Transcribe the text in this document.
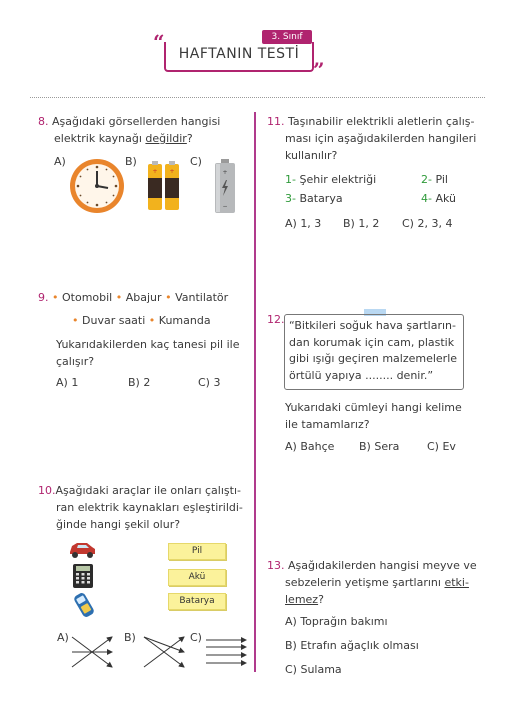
3. Sınıf
HAFTANIN TESTİ
“
”
8. Aşağıdaki görsellerden hangisi
elektrik kaynağı değildir?
A)	B)	C)
+ +	+
−
9. • Otomobil • Abajur • Vantilatör
• Duvar saati • Kumanda
Yukarıdakilerden kaç tanesi pil ile
çalışır?
A) 1	B) 2	C) 3
10.Aşağıdaki araçlar ile onları çalıştı-
ran elektrik kaynakları eşleştirildi-
ğinde hangi şekil olur?
Pil
Akü
Batarya
A)	B)	C)
11. Taşınabilir elektrikli aletlerin çalış-
ması için aşağıdakilerden hangileri
kullanılır?
1- Şehir elektriği	2- Pil
3- Batarya	4- Akü
A) 1, 3 B) 1, 2 C) 2, 3, 4
12. “Bitkileri soğuk hava şartların-
dan korumak için cam, plastik
gibi ışığı geçiren malzemelerle
örtülü yapıya ........ denir.”
Yukarıdaki cümleyi hangi kelime
ile tamamlarız?
A) Bahçe B) Sera	C) Ev
13. Aşağıdakilerden hangisi meyve ve
sebzelerin yetişme şartlarını etki-
lemez?
A) Toprağın bakımı
B) Etrafın ağaçlık olması
C) Sulama
